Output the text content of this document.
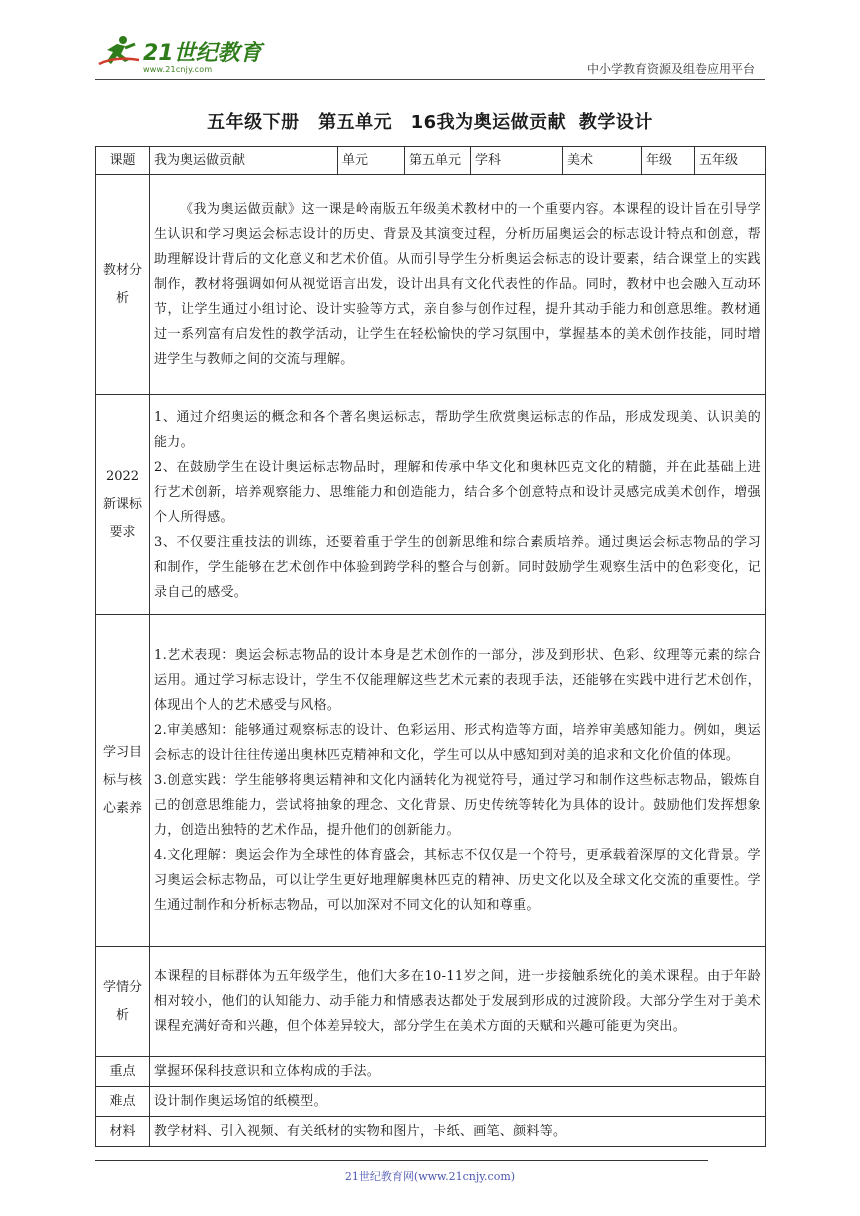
21世纪教育
www.21cnjy.com	中小学教育资源及组卷应用平台
五年级下册　第五单元　16我为奥运做贡献 教学设计
课题	我为奥运做贡献	单元	第五单元	学科	美术	年级	五年级
教材分析	《我为奥运做贡献》这一课是岭南版五年级美术教材中的一个重要内容。本课程的设计旨在引导学生认识和学习奥运会标志设计的历史、背景及其演变过程，分析历届奥运会的标志设计特点和创意，帮助理解设计背后的文化意义和艺术价值。从而引导学生分析奥运会标志的设计要素，结合课堂上的实践制作，教材将强调如何从视觉语言出发，设计出具有文化代表性的作品。同时，教材中也会融入互动环节，让学生通过小组讨论、设计实验等方式，亲自参与创作过程，提升其动手能力和创意思维。教材通过一系列富有启发性的教学活动，让学生在轻松愉快的学习氛围中，掌握基本的美术创作技能，同时增进学生与教师之间的交流与理解。						

2022新课标要求	1、通过介绍奥运的概念和各个著名奥运标志，帮助学生欣赏奥运标志的作品，形成发现美、认识美的能力。

2、在鼓励学生在设计奥运标志物品时，理解和传承中华文化和奥林匹克文化的精髓，并在此基础上进行艺术创新，培养观察能力、思维能力和创造能力，结合多个创意特点和设计灵感完成美术创作，增强个人所得感。

3、不仅要注重技法的训练，还要着重于学生的创新思维和综合素质培养。通过奥运会标志物品的学习和制作，学生能够在艺术创作中体验到跨学科的整合与创新。同时鼓励学生观察生活中的色彩变化，记录自己的感受。						

学习目标与核心素养	1.艺术表现：奥运会标志物品的设计本身是艺术创作的一部分，涉及到形状、色彩、纹理等元素的综合运用。通过学习标志设计，学生不仅能理解这些艺术元素的表现手法，还能够在实践中进行艺术创作，体现出个人的艺术感受与风格。

2.审美感知：能够通过观察标志的设计、色彩运用、形式构造等方面，培养审美感知能力。例如，奥运会标志的设计往往传递出奥林匹克精神和文化，学生可以从中感知到对美的追求和文化价值的体现。

3.创意实践：学生能够将奥运精神和文化内涵转化为视觉符号，通过学习和制作这些标志物品，锻炼自己的创意思维能力，尝试将抽象的理念、文化背景、历史传统等转化为具体的设计。鼓励他们发挥想象力，创造出独特的艺术作品，提升他们的创新能力。

4.文化理解：奥运会作为全球性的体育盛会，其标志不仅仅是一个符号，更承载着深厚的文化背景。学习奥运会标志物品，可以让学生更好地理解奥林匹克的精神、历史文化以及全球文化交流的重要性。学生通过制作和分析标志物品，可以加深对不同文化的认知和尊重。						

学情分析	本课程的目标群体为五年级学生，他们大多在10-11岁之间，进一步接触系统化的美术课程。由于年龄相对较小，他们的认知能力、动手能力和情感表达都处于发展到形成的过渡阶段。大部分学生对于美术课程充满好奇和兴趣，但个体差异较大，部分学生在美术方面的天赋和兴趣可能更为突出。						

重点	掌握环保科技意识和立体构成的手法。						
难点	设计制作奥运场馆的纸模型。						
材料	教学材料、引入视频、有关纸材的实物和图片，卡纸、画笔、颜料等。						
21世纪教育网(www.21cnjy.com)
